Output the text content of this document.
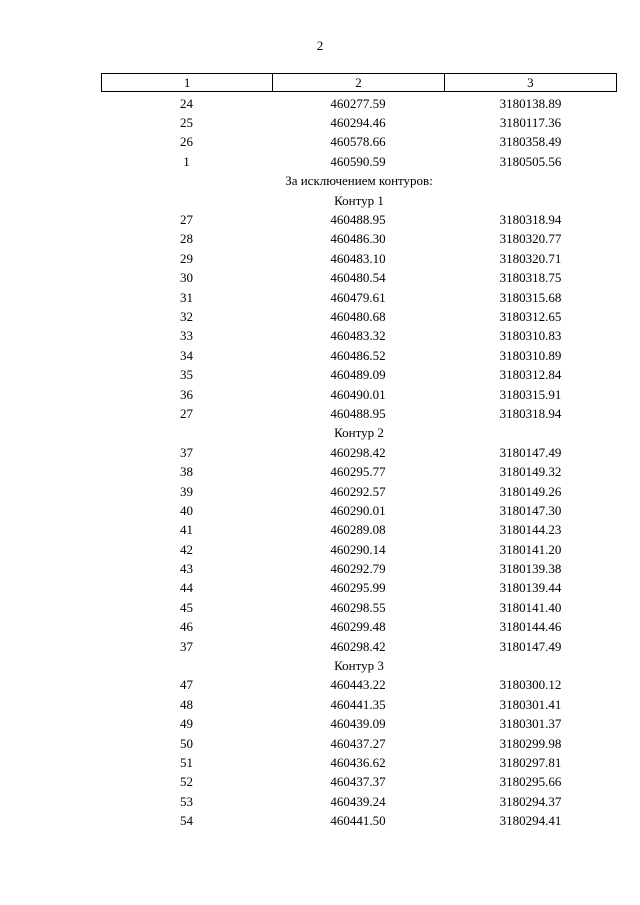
2
1	2	3
24	460277.59	3180138.89
25	460294.46	3180117.36
26	460578.66	3180358.49
1	460590.59	3180505.56
За исключением контуров:
Контур 1
27	460488.95	3180318.94
28	460486.30	3180320.77
29	460483.10	3180320.71
30	460480.54	3180318.75
31	460479.61	3180315.68
32	460480.68	3180312.65
33	460483.32	3180310.83
34	460486.52	3180310.89
35	460489.09	3180312.84
36	460490.01	3180315.91
27	460488.95	3180318.94
Контур 2
37	460298.42	3180147.49
38	460295.77	3180149.32
39	460292.57	3180149.26
40	460290.01	3180147.30
41	460289.08	3180144.23
42	460290.14	3180141.20
43	460292.79	3180139.38
44	460295.99	3180139.44
45	460298.55	3180141.40
46	460299.48	3180144.46
37	460298.42	3180147.49
Контур 3
47	460443.22	3180300.12
48	460441.35	3180301.41
49	460439.09	3180301.37
50	460437.27	3180299.98
51	460436.62	3180297.81
52	460437.37	3180295.66
53	460439.24	3180294.37
54	460441.50	3180294.41
